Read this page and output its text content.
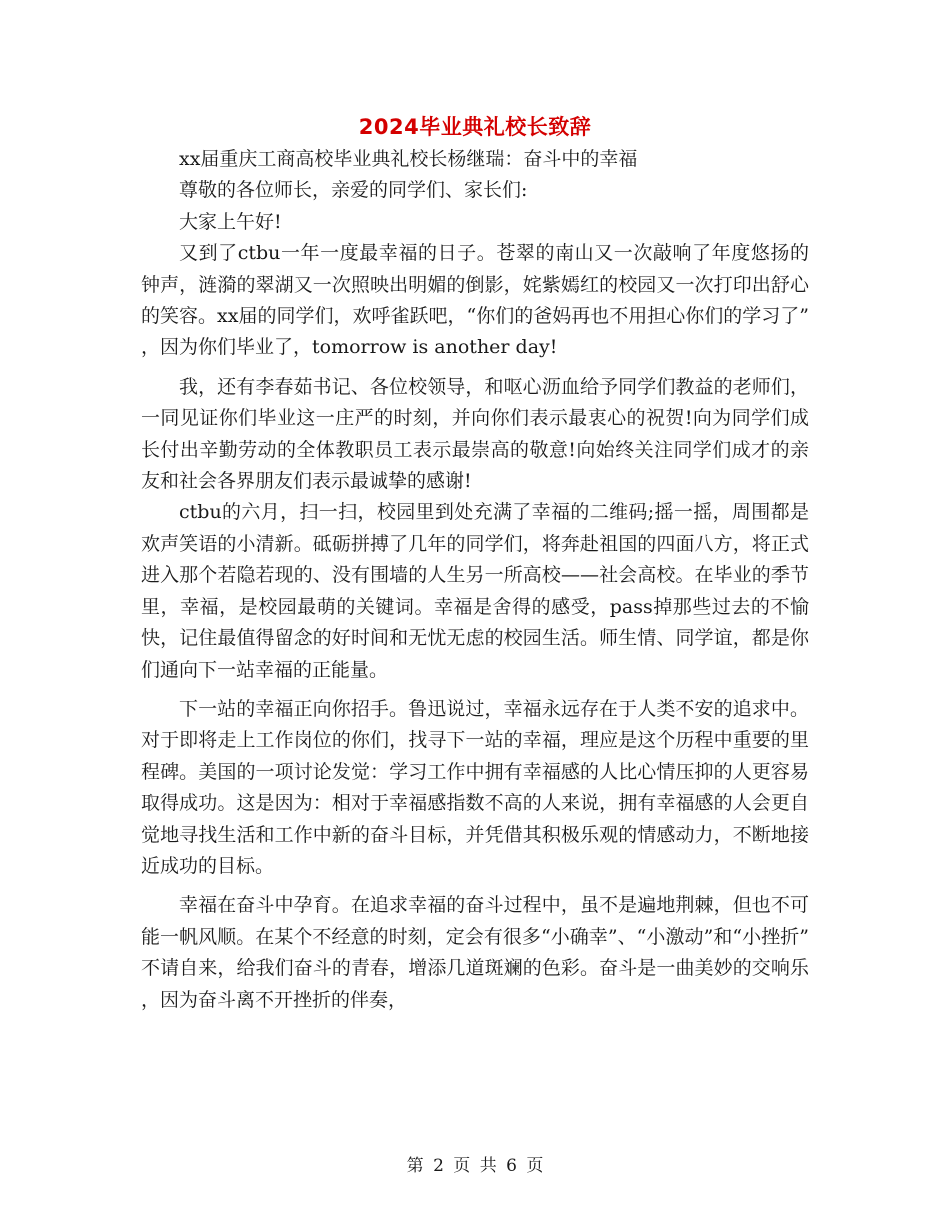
2024毕业典礼校长致辞

xx届重庆工商高校毕业典礼校长杨继瑞：奋斗中的幸福

尊敬的各位师长，亲爱的同学们、家长们:

大家上午好!

又到了ctbu一年一度最幸福的日子。苍翠的南山又一次敲响了年度悠扬的钟声，涟漪的翠湖又一次照映出明媚的倒影，姹紫嫣红的校园又一次打印出舒心的笑容。xx届的同学们，欢呼雀跃吧，“你们的爸妈再也不用担心你们的学习了”，因为你们毕业了，tomorrow is another day!

我，还有李春茹书记、各位校领导，和呕心沥血给予同学们教益的老师们，一同见证你们毕业这一庄严的时刻，并向你们表示最衷心的祝贺!向为同学们成长付出辛勤劳动的全体教职员工表示最崇高的敬意!向始终关注同学们成才的亲友和社会各界朋友们表示最诚挚的感谢!

ctbu的六月，扫一扫，校园里到处充满了幸福的二维码;摇一摇，周围都是欢声笑语的小清新。砥砺拼搏了几年的同学们，将奔赴祖国的四面八方，将正式进入那个若隐若现的、没有围墙的人生另一所高校——社会高校。在毕业的季节里，幸福，是校园最萌的关键词。幸福是舍得的感受，pass掉那些过去的不愉快，记住最值得留念的好时间和无忧无虑的校园生活。师生情、同学谊，都是你们通向下一站幸福的正能量。

下一站的幸福正向你招手。鲁迅说过，幸福永远存在于人类不安的追求中。对于即将走上工作岗位的你们，找寻下一站的幸福，理应是这个历程中重要的里程碑。美国的一项讨论发觉：学习工作中拥有幸福感的人比心情压抑的人更容易取得成功。这是因为：相对于幸福感指数不高的人来说，拥有幸福感的人会更自觉地寻找生活和工作中新的奋斗目标，并凭借其积极乐观的情感动力，不断地接近成功的目标。

幸福在奋斗中孕育。在追求幸福的奋斗过程中，虽不是遍地荆棘，但也不可能一帆风顺。在某个不经意的时刻，定会有很多“小确幸”、“小激动”和“小挫折”不请自来，给我们奋斗的青春，增添几道斑斓的色彩。奋斗是一曲美妙的交响乐，因为奋斗离不开挫折的伴奏，

第 2 页 共 6 页
